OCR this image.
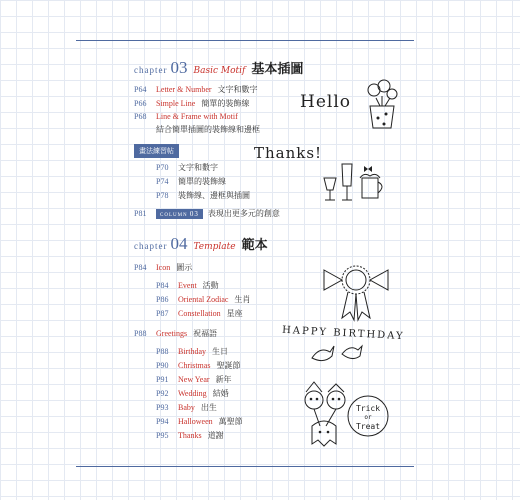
chapter 03 Basic Motif 基本插圖
P64 Letter & Number 文字和數字
P66 Simple Line 簡單的裝飾線
P68 Line & Frame with Motif
結合簡單插圖的裝飾線和邊框
畫法練習帖
P70 文字和數字
P74 簡單的裝飾線
P78 裝飾線、邊框與插圖
P81	COLUMN 03 表現出更多元的創意
chapter 04 Template 範本
P84 Icon 圖示
P84 Event 活動
P86 Oriental Zodiac 生肖
P87 Constellation 星座
P88 Greetings 祝福語
P88 Birthday 生日
P90 Christmas 聖誕節
P91 New Year 新年
P92 Wedding 結婚
P93 Baby 出生
P94 Halloween 萬聖節
P95 Thanks 道謝
Hello
Thanks!
HAPPY BIRTHDAY
Trick
or
Treat
